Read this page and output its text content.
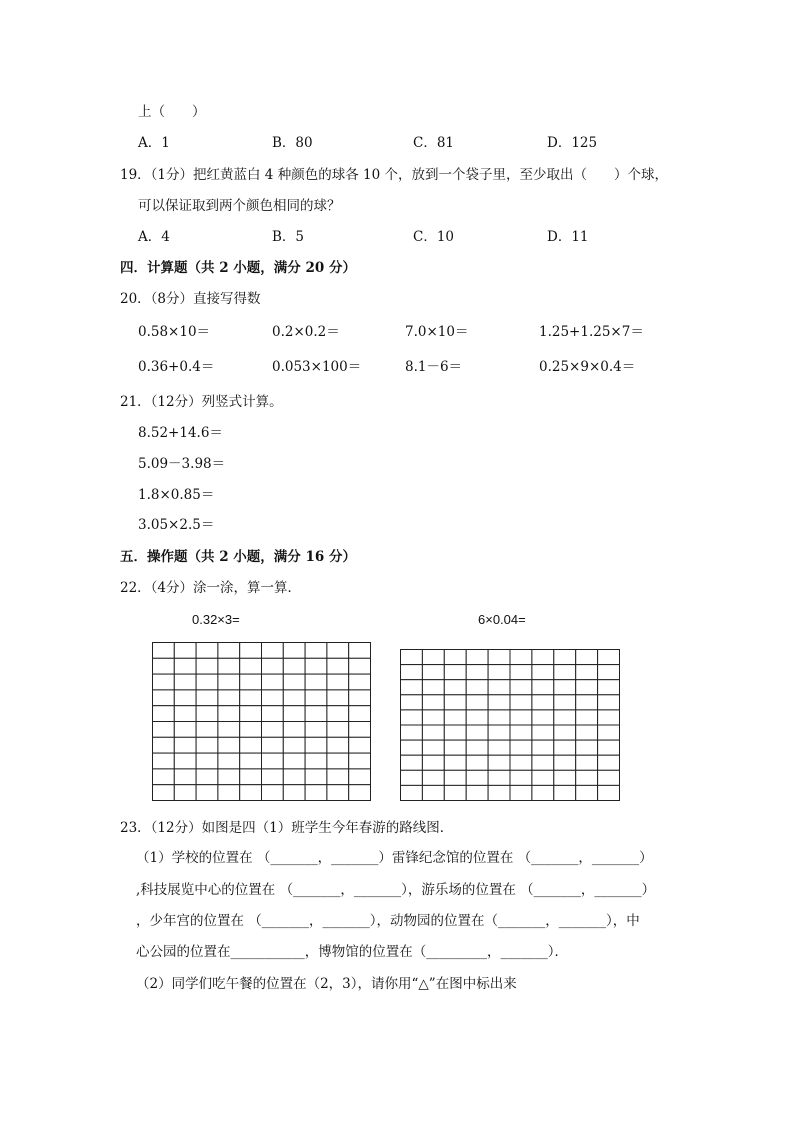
上（　　）
A．1	B．80	C．81	D．125
19．（1分）把红黄蓝白 4 种颜色的球各 10 个，放到一个袋子里，至少取出（　　）个球，
可以保证取到两个颜色相同的球？
A．4	B．5	C．10	D．11
四．计算题（共 2 小题，满分 20 分）
20．（8分）直接写得数
0.58×10＝	0.2×0.2＝	7.0×10＝	1.25+1.25×7＝
0.36+0.4＝	0.053×100＝	8.1－6＝	0.25×9×0.4＝
21．（12分）列竖式计算。
8.52+14.6＝
5.09－3.98＝
1.8×0.85＝
3.05×2.5＝
五．操作题（共 2 小题，满分 16 分）
22．（4分）涂一涂，算一算．
0.32×3=	6×0.04=
23．（12分）如图是四（1）班学生今年春游的路线图．
（1）学校的位置在 （_______，_______）雷锋纪念馆的位置在 （_______，_______）
,科技展览中心的位置在 （_______，_______），游乐场的位置在 （_______，_______）
，少年宫的位置在 （_______，_______），动物园的位置在（_______，_______），中
心公园的位置在___________，博物馆的位置在（_________，_______）．
（2）同学们吃午餐的位置在（2，3），请你用“△”在图中标出来
